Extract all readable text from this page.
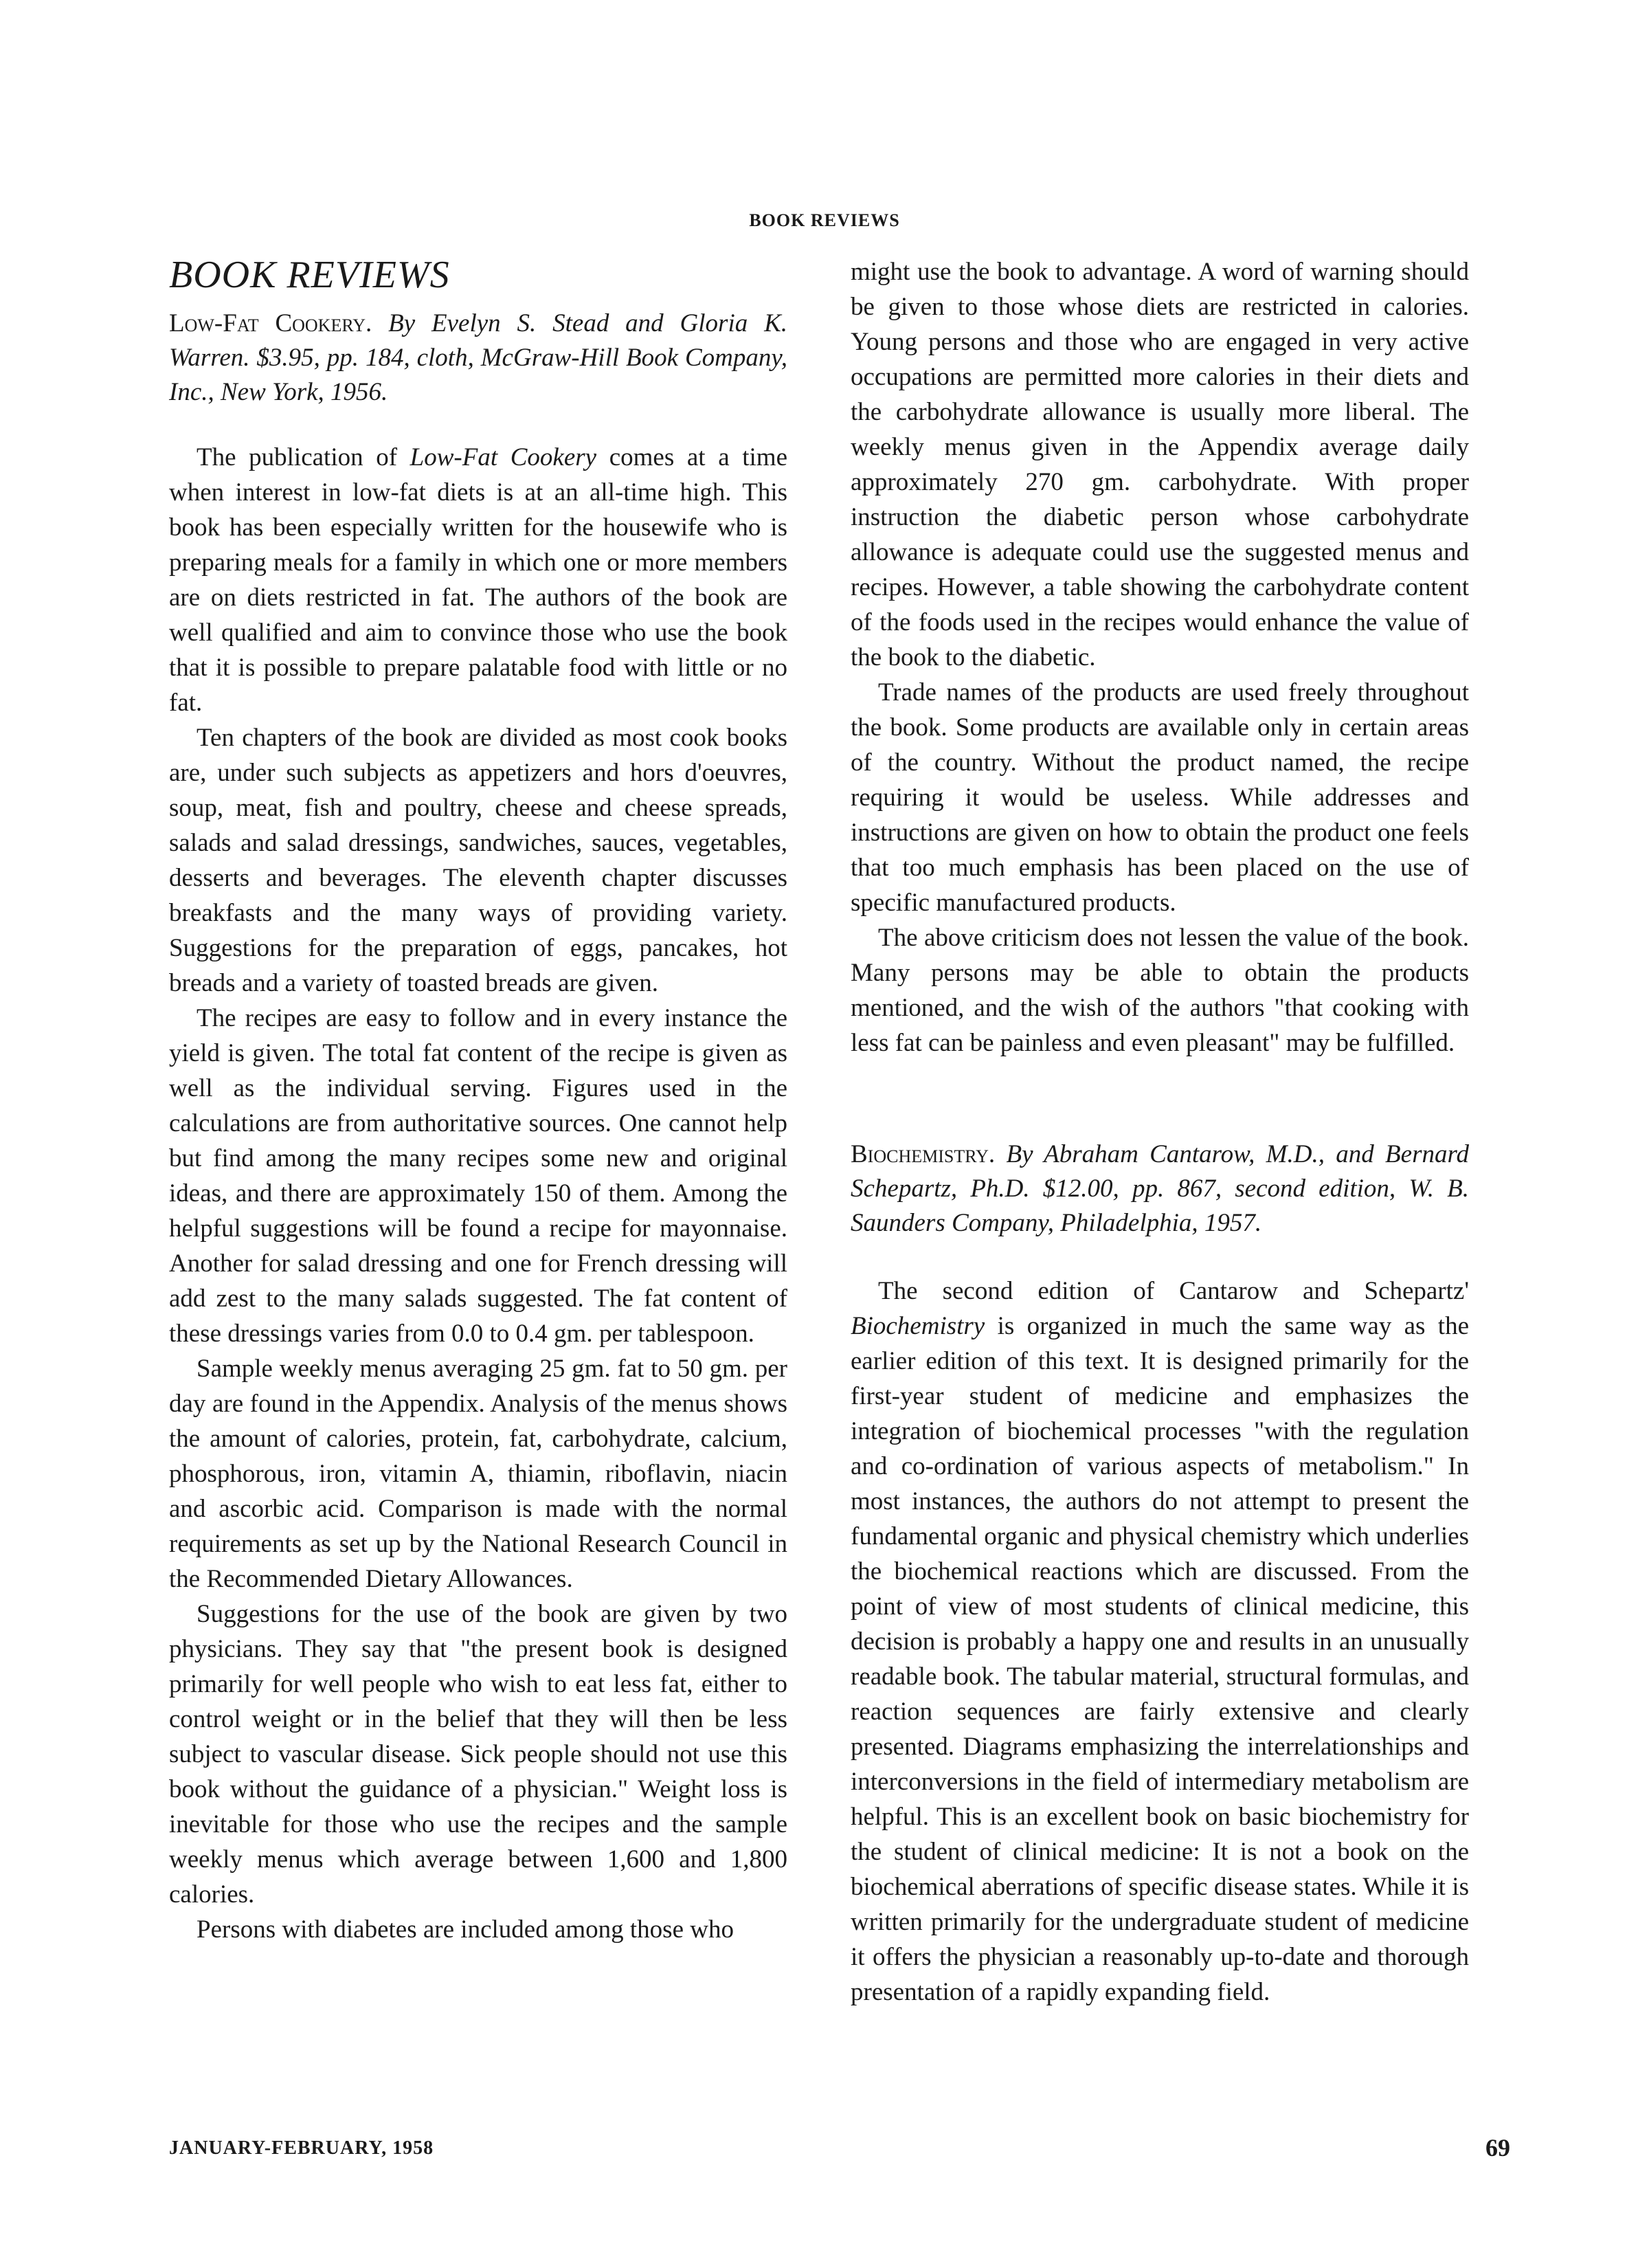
BOOK REVIEWS
BOOK REVIEWS

Low-Fat Cookery. By Evelyn S. Stead and Gloria K. Warren. $3.95, pp. 184, cloth, McGraw-Hill Book Company, Inc., New York, 1956.

The publication of Low-Fat Cookery comes at a time when interest in low-fat diets is at an all-time high. This book has been especially written for the housewife who is preparing meals for a family in which one or more members are on diets restricted in fat. The authors of the book are well qualified and aim to convince those who use the book that it is possible to prepare palatable food with little or no fat.

Ten chapters of the book are divided as most cook books are, under such subjects as appetizers and hors d'oeuvres, soup, meat, fish and poultry, cheese and cheese spreads, salads and salad dressings, sandwiches, sauces, vegetables, desserts and beverages. The eleventh chapter discusses breakfasts and the many ways of providing variety. Suggestions for the preparation of eggs, pancakes, hot breads and a variety of toasted breads are given.

The recipes are easy to follow and in every instance the yield is given. The total fat content of the recipe is given as well as the individual serving. Figures used in the calculations are from authoritative sources. One cannot help but find among the many recipes some new and original ideas, and there are approximately 150 of them. Among the helpful suggestions will be found a recipe for mayonnaise. Another for salad dressing and one for French dressing will add zest to the many salads suggested. The fat content of these dressings varies from 0.0 to 0.4 gm. per tablespoon.

Sample weekly menus averaging 25 gm. fat to 50 gm. per day are found in the Appendix. Analysis of the menus shows the amount of calories, protein, fat, carbohydrate, calcium, phosphorous, iron, vitamin A, thiamin, riboflavin, niacin and ascorbic acid. Comparison is made with the normal requirements as set up by the National Research Council in the Recommended Dietary Allowances.

Suggestions for the use of the book are given by two physicians. They say that "the present book is designed primarily for well people who wish to eat less fat, either to control weight or in the belief that they will then be less subject to vascular disease. Sick people should not use this book without the guidance of a physician." Weight loss is inevitable for those who use the recipes and the sample weekly menus which average between 1,600 and 1,800 calories.

Persons with diabetes are included among those who

might use the book to advantage. A word of warning should be given to those whose diets are restricted in calories. Young persons and those who are engaged in very active occupations are permitted more calories in their diets and the carbohydrate allowance is usually more liberal. The weekly menus given in the Appendix average daily approximately 270 gm. carbohydrate. With proper instruction the diabetic person whose carbohydrate allowance is adequate could use the suggested menus and recipes. However, a table showing the carbohydrate content of the foods used in the recipes would enhance the value of the book to the diabetic.

Trade names of the products are used freely throughout the book. Some products are available only in certain areas of the country. Without the product named, the recipe requiring it would be useless. While addresses and instructions are given on how to obtain the product one feels that too much emphasis has been placed on the use of specific manufactured products.

The above criticism does not lessen the value of the book. Many persons may be able to obtain the products mentioned, and the wish of the authors "that cooking with less fat can be painless and even pleasant" may be fulfilled.

Biochemistry. By Abraham Cantarow, M.D., and Bernard Schepartz, Ph.D. $12.00, pp. 867, second edition, W. B. Saunders Company, Philadelphia, 1957.

The second edition of Cantarow and Schepartz' Biochemistry is organized in much the same way as the earlier edition of this text. It is designed primarily for the first-year student of medicine and emphasizes the integration of biochemical processes "with the regulation and co-ordination of various aspects of metabolism." In most instances, the authors do not attempt to present the fundamental organic and physical chemistry which underlies the biochemical reactions which are discussed. From the point of view of most students of clinical medicine, this decision is probably a happy one and results in an unusually readable book. The tabular material, structural formulas, and reaction sequences are fairly extensive and clearly presented. Diagrams emphasizing the interrelationships and interconversions in the field of intermediary metabolism are helpful. This is an excellent book on basic biochemistry for the student of clinical medicine: It is not a book on the biochemical aberrations of specific disease states. While it is written primarily for the undergraduate student of medicine it offers the physician a reasonably up-to-date and thorough presentation of a rapidly expanding field.

JANUARY-FEBRUARY, 1958	69
